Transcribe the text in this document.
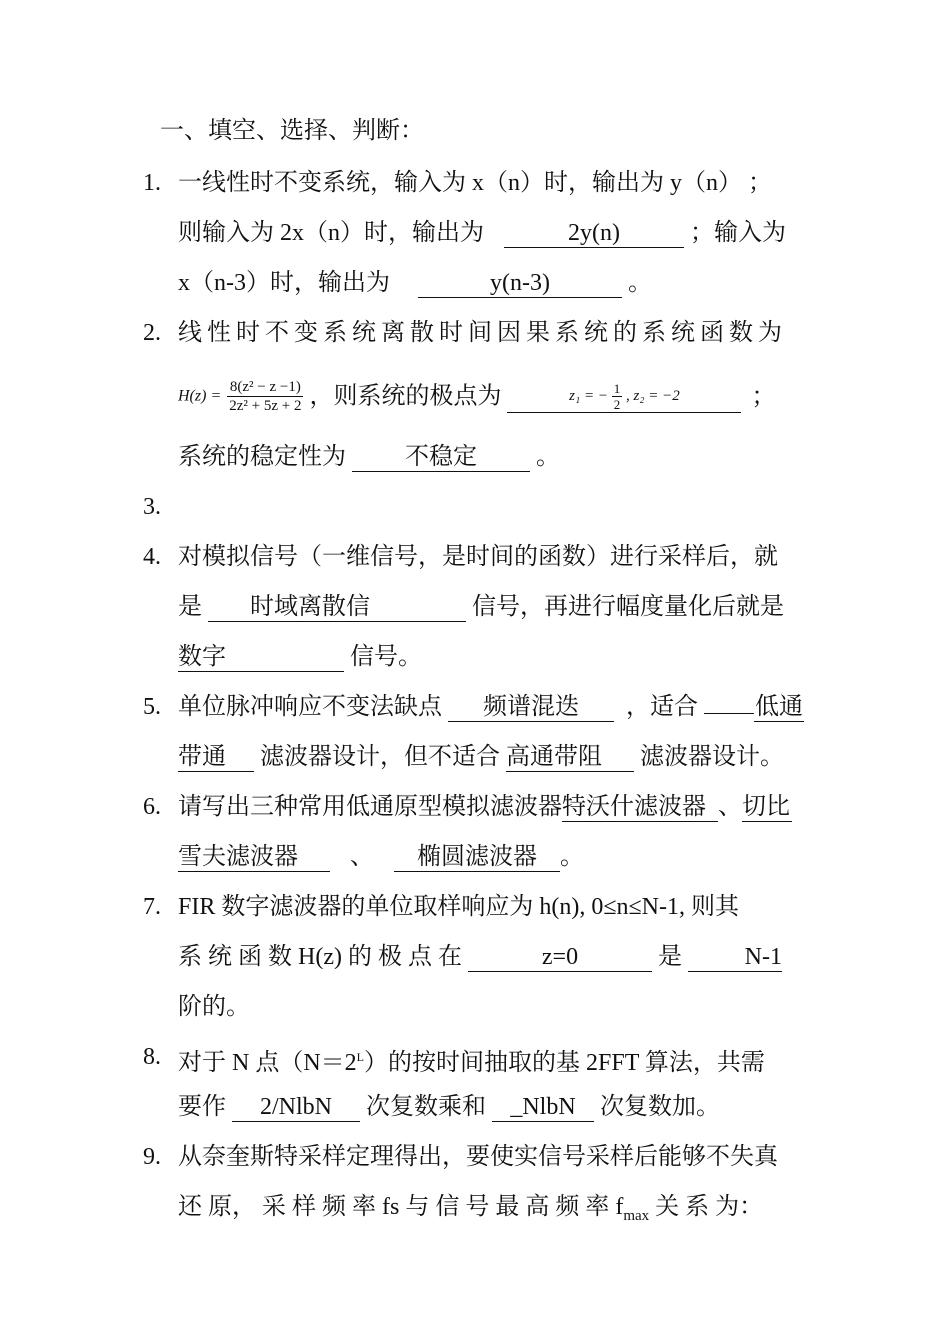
一、填空、选择、判断：
1. 一线性时不变系统，输入为 x（n）时，输出为 y（n） ；
则输入为 2x（n）时，输出为	2y(n)	；输入为
x（n-3）时，输出为	y(n-3)	。
2. 线性时不变系统离散时间因果系统的系统函数为
$H(z) = \frac{\text{8(z² − z −1)}}{\text{2z² + 5z + 2}}$ ，则系统的极点为	z₁ = − $\frac{1}{2}$ , z₂ = −2	；
系统的稳定性为 不稳定 。
3.
4. 对模拟信号（一维信号，是时间的函数）进行采样后，就
是 时域离散信	信号，再进行幅度量化后就是
数字	信号。
5. 单位脉冲响应不变法缺点 频谱混迭 ，适合 低通
带通 滤波器设计，但不适合 高通带阻 滤波器设计。
6. 请写出三种常用低通原型模拟滤波器特沃什滤波器 、切比
雪夫滤波器 、 椭圆滤波器 。
7. FIR 数字滤波器的单位取样响应为 h(n), 0≤n≤N-1, 则其
系 统 函 数 H(z) 的 极 点 在	z=0	是	N-1
阶的。
8. 对于 N 点$(N=2^L)$的按时间抽取的基 2FFT 算法，共需
要作 2/NlbN 次复数乘和 _NlbN 次复数加。
9. 从奈奎斯特采样定理得出，要使实信号采样后能够不失真
还 原， 采 样 频 率 fs 与 信 号 最 高 频 率 $f_{max}$ 关 系 为：
